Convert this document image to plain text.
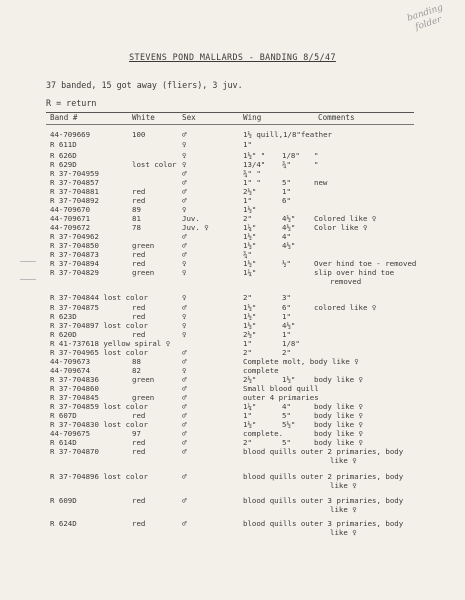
banding folder
STEVENS POND MALLARDS - BANDING 8/5/47
37 banded, 15 got away (fliers), 3 juv.
R = return
Band #	White	Sex	Wing	Comments
44-709669	100	♂	1½ quill,1/8"feather
R 611D	♀	1"
R 626D	♀	1½" " 1/8" "
R 629D	lost color ♀	13/4" ¾"	"
R 37-704959	♂	¾" "
R 37-704857	♂	1" "	5"	new
R 37-704881	red	♂	2½"	1"
R 37-704892	red	♂	1"	6"
44-709670	89	♀	1½"
44-709671	81	Juv.	2"	4½"	Colored like ♀
44-709672	78	Juv. ♀	1¼"	4½"	Color like ♀
R 37-704962	♂	1½"	4"
R 37-704850	green	♂	1½"	4½"
R 37-704873	red	♂	¾"
R 37-704894	red	♀	1½"	½"	Over hind toe - removed
R 37-704829	green	♀	1¼"	slip over hind toe
removed
R 37-704844 lost color	♀	2"	3"
R 37-704875	red	♂	1½"	6"	colored like ♀
R 623D	red	♀	1½"	1"
R 37-704897 lost color	♀	1½"	4½"
R 620D	red	♀	2½"	1"
R 41-737618 yellow spiral ♀	1"	1/8"
R 37-704965 lost color	♂	2"	2"
44-709673	88	♂	Complete molt, body like ♀
44-709674	82	♀	complete
R 37-704836	green	♂	2½"	1½"	body like ♀
R 37-704860	♂	Small blood quill
R 37-704845	green	♂	outer 4 primaries
R 37-704859 lost color	♂	1¼"	4"	body like ♀
R 607D	red	♂	1"	5"	body like ♀
R 37-704830 lost color	♂	1½"	5½"	body like ♀
44-709675	97	♂	complete.	body like ♀
R 614D	red	♂	2"	5"	body like ♀
R 37-704870	red	♂	blood quills outer 2 primaries, body
like ♀
R 37-704896 lost color	♂	blood quills outer 2 primaries, body
like ♀
R 609D	red	♂	blood quills outer 3 primaries, body
like ♀
R 624D	red	♂	blood quills outer 3 primaries, body
like ♀
